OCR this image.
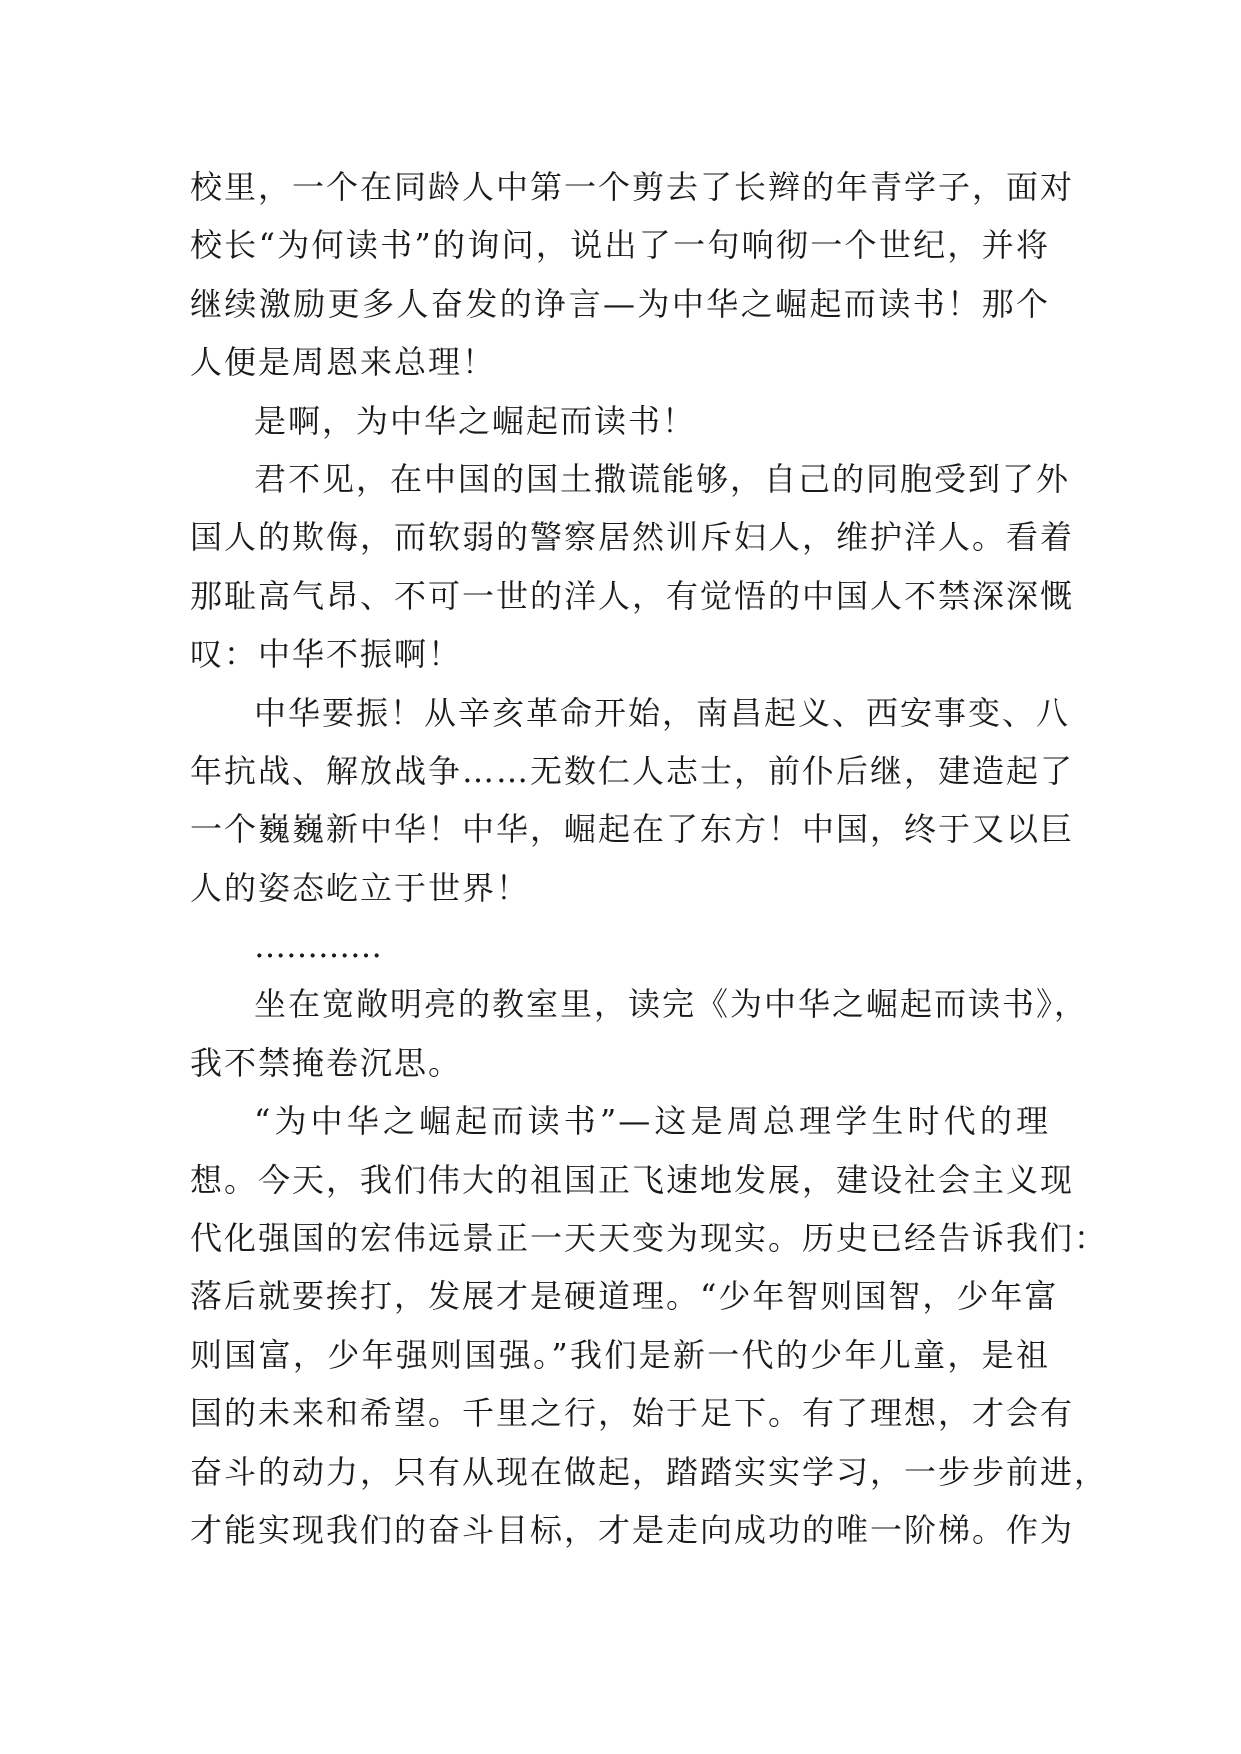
校里，一个在同龄人中第一个剪去了长辫的年青学子，面对
校长“为何读书”的询问，说出了一句响彻一个世纪，并将
继续激励更多人奋发的诤言—为中华之崛起而读书！那个
人便是周恩来总理！
是啊，为中华之崛起而读书！
君不见，在中国的国土撒谎能够，自己的同胞受到了外
国人的欺侮，而软弱的警察居然训斥妇人，维护洋人。看着
那耻高气昂、不可一世的洋人，有觉悟的中国人不禁深深慨
叹：中华不振啊！
中华要振！从辛亥革命开始，南昌起义、西安事变、八
年抗战、解放战争……无数仁人志士，前仆后继，建造起了
一个巍巍新中华！中华，崛起在了东方！中国，终于又以巨
人的姿态屹立于世界！
…………
坐在宽敞明亮的教室里，读完《为中华之崛起而读书》，
我不禁掩卷沉思。
“为中华之崛起而读书”—这是周总理学生时代的理
想。今天，我们伟大的祖国正飞速地发展，建设社会主义现
代化强国的宏伟远景正一天天变为现实。历史已经告诉我们：
落后就要挨打，发展才是硬道理。“少年智则国智，少年富
则国富，少年强则国强。”我们是新一代的少年儿童，是祖
国的未来和希望。千里之行，始于足下。有了理想，才会有
奋斗的动力，只有从现在做起，踏踏实实学习，一步步前进，
才能实现我们的奋斗目标，才是走向成功的唯一阶梯。作为
